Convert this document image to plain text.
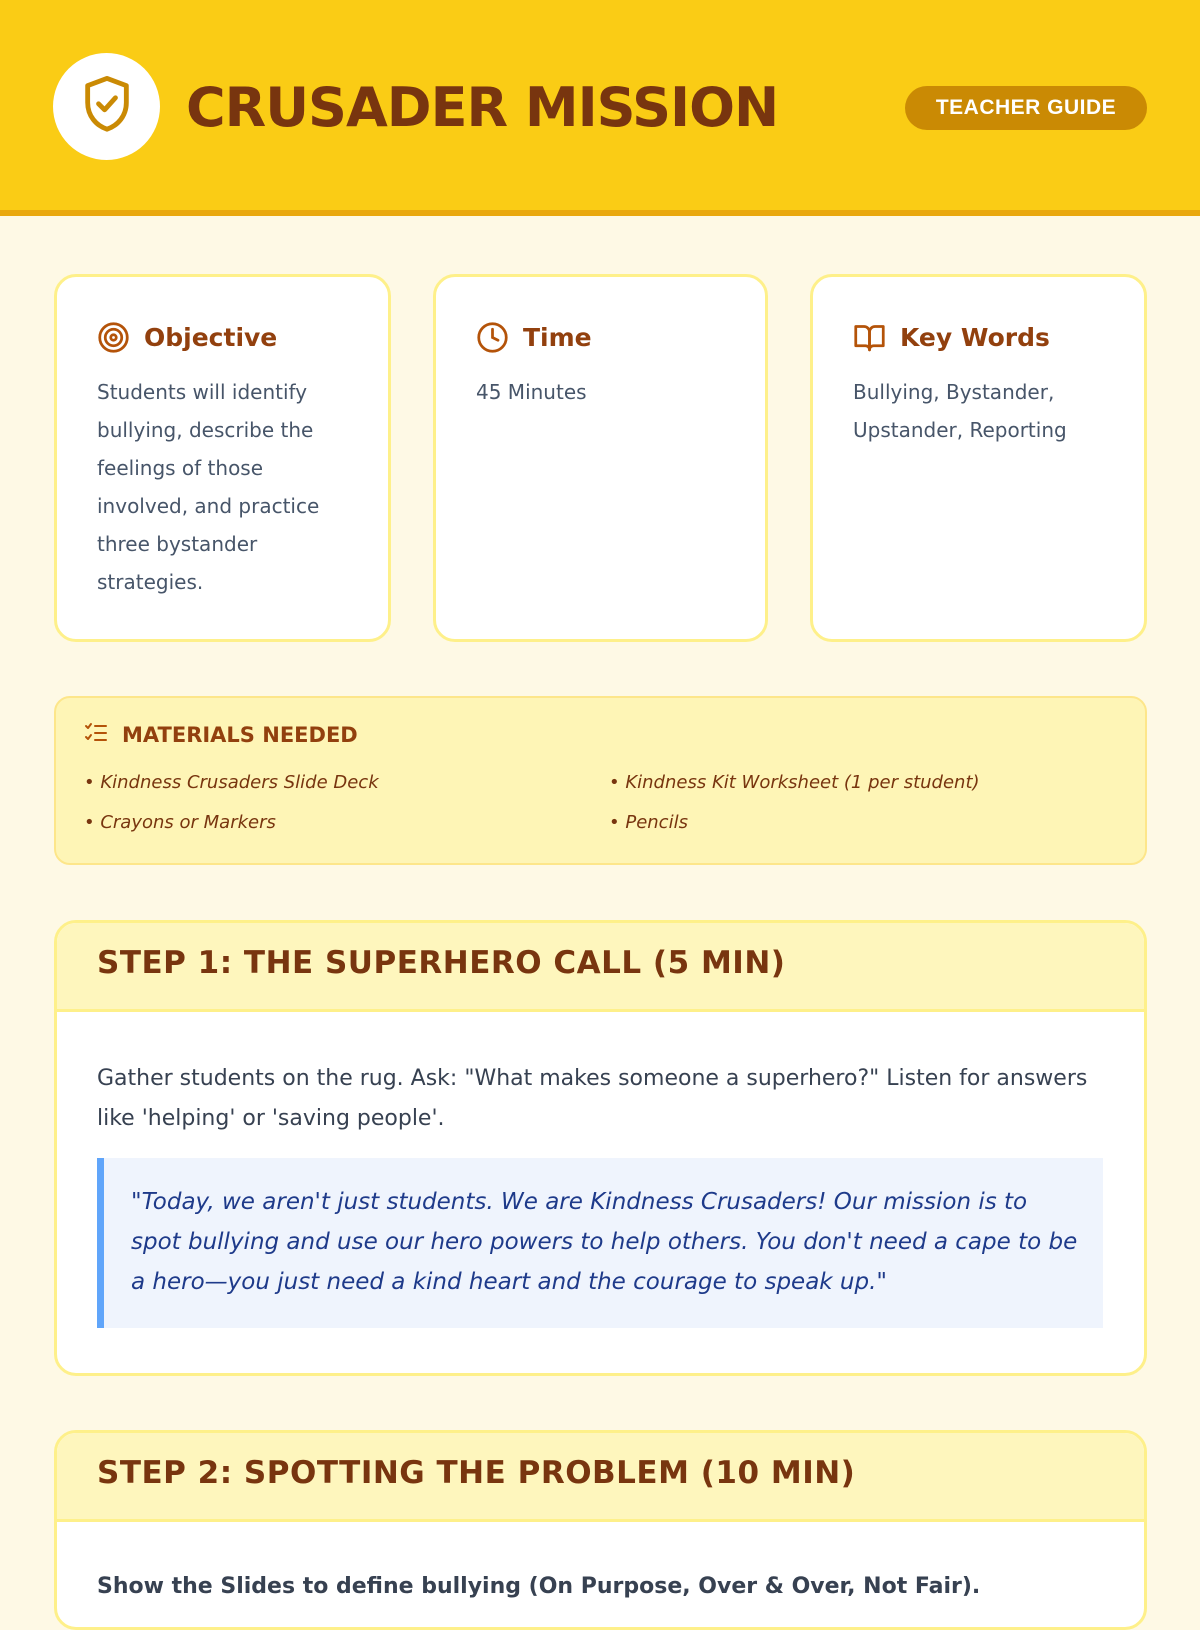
CRUSADER MISSION	TEACHER GUIDE
Objective
Students will identify bullying, describe the feelings of those involved, and practice three bystander strategies.
Time
45 Minutes
Key Words
Bullying, Bystander, Upstander, Reporting
MATERIALS NEEDED
• Kindness Crusaders Slide Deck	• Kindness Kit Worksheet (1 per student)
• Crayons or Markers	• Pencils
STEP 1: THE SUPERHERO CALL (5 MIN)
Gather students on the rug. Ask: "What makes someone a superhero?" Listen for answers like 'helping' or 'saving people'.
"Today, we aren't just students. We are Kindness Crusaders! Our mission is to spot bullying and use our hero powers to help others. You don't need a cape to be a hero—you just need a kind heart and the courage to speak up."
STEP 2: SPOTTING THE PROBLEM (10 MIN)
Show the Slides to define bullying (On Purpose, Over & Over, Not Fair).
